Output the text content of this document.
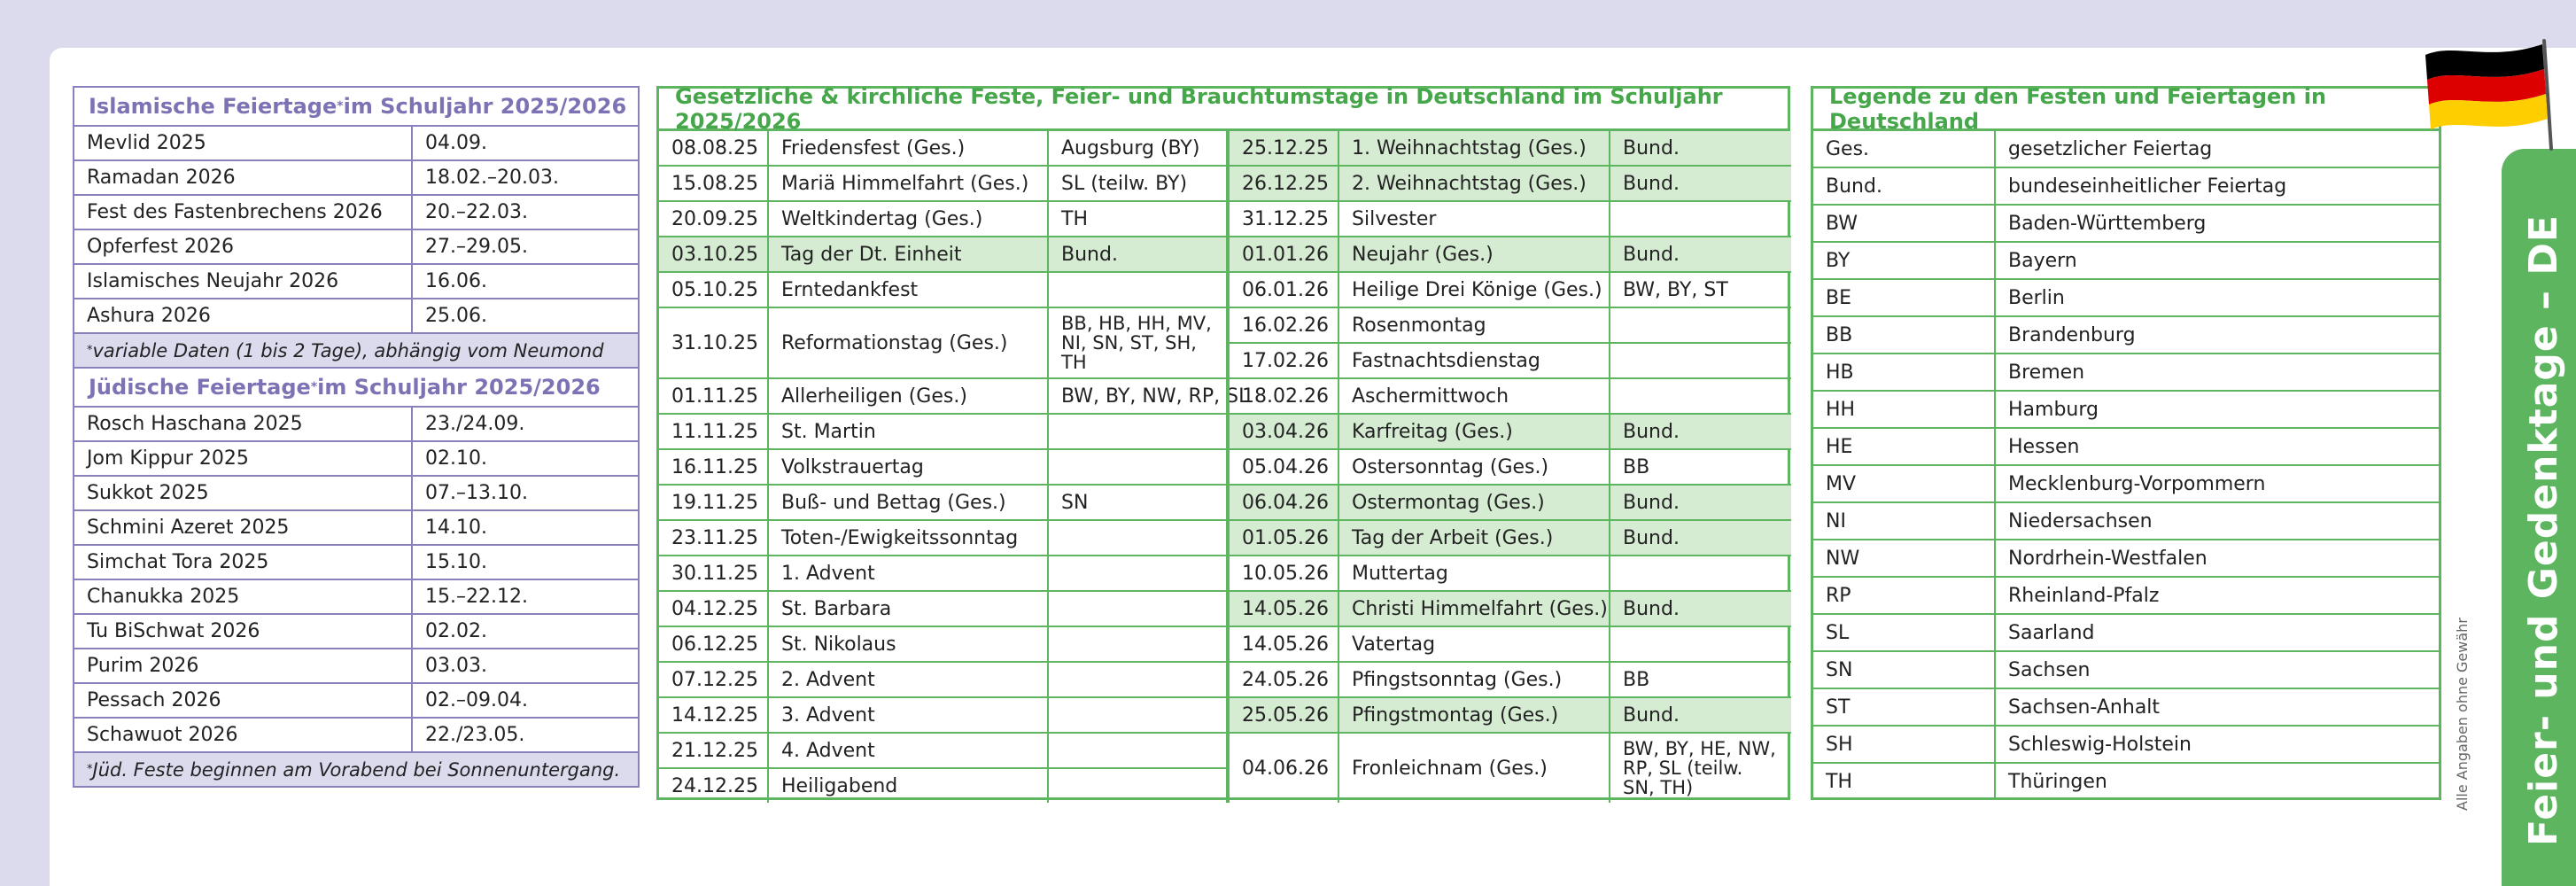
Islamische Feiertage * im Schuljahr 2025/2026
Mevlid 2025	04.09.
Ramadan 2026	18.02.–20.03.
Fest des Fastenbrechens 2026	20.–22.03.
Opferfest 2026	27.–29.05.
Islamisches Neujahr 2026	16.06.
Ashura 2026	25.06.
* variable Daten (1 bis 2 Tage), abhängig vom Neumond
Jüdische Feiertage * im Schuljahr 2025/2026
Rosch Haschana 2025	23./24.09.
Jom Kippur 2025	02.10.
Sukkot 2025	07.–13.10.
Schmini Azeret 2025	14.10.
Simchat Tora 2025	15.10.
Chanukka 2025	15.–22.12.
Tu BiSchwat 2026	02.02.
Purim 2026	03.03.
Pessach 2026	02.–09.04.
Schawuot 2026	22./23.05.
* Jüd. Feste beginnen am Vorabend bei Sonnenuntergang.
Gesetzliche & kirchliche Feste, Feier- und Brauchtumstage in Deutschland im Schuljahr 2025/2026
08.08.25	Friedensfest (Ges.)	Augsburg (BY)
15.08.25	Mariä Himmelfahrt (Ges.)	SL (teilw. BY)
20.09.25	Weltkindertag (Ges.)	TH
03.10.25	Tag der Dt. Einheit	Bund.
05.10.25	Erntedankfest	
31.10.25	Reformationstag (Ges.)	BB, HB, HH, MV, NI, SN, ST, SH, TH
01.11.25	Allerheiligen (Ges.)	BW, BY, NW, RP, SL
11.11.25	St. Martin	
16.11.25	Volkstrauertag	
19.11.25	Buß- und Bettag (Ges.)	SN
23.11.25	Toten-/Ewigkeitssonntag	
30.11.25	1. Advent	
04.12.25	St. Barbara	
06.12.25	St. Nikolaus	
07.12.25	2. Advent	
14.12.25	3. Advent	
21.12.25	4. Advent	
24.12.25	Heiligabend	
25.12.25	1. Weihnachtstag (Ges.)	Bund.
26.12.25	2. Weihnachtstag (Ges.)	Bund.
31.12.25	Silvester	
01.01.26	Neujahr (Ges.)	Bund.
06.01.26	Heilige Drei Könige (Ges.)	BW, BY, ST
16.02.26	Rosenmontag	
17.02.26	Fastnachtsdienstag	
18.02.26	Aschermittwoch	
03.04.26	Karfreitag (Ges.)	Bund.
05.04.26	Ostersonntag (Ges.)	BB
06.04.26	Ostermontag (Ges.)	Bund.
01.05.26	Tag der Arbeit (Ges.)	Bund.
10.05.26	Muttertag	
14.05.26	Christi Himmelfahrt (Ges.)	Bund.
14.05.26	Vatertag	
24.05.26	Pfingstsonntag (Ges.)	BB
25.05.26	Pfingstmontag (Ges.)	Bund.
04.06.26	Fronleichnam (Ges.)	BW, BY, HE, NW, RP, SL (teilw. SN, TH)
Legende zu den Festen und Feiertagen in Deutschland
Ges.	gesetzlicher Feiertag
Bund.	bundeseinheitlicher Feiertag
BW	Baden-Württemberg
BY	Bayern
BE	Berlin
BB	Brandenburg
HB	Bremen
HH	Hamburg
HE	Hessen
MV	Mecklenburg-Vorpommern
NI	Niedersachsen
NW	Nordrhein-Westfalen
RP	Rheinland-Pfalz
SL	Saarland
SN	Sachsen
ST	Sachsen-Anhalt
SH	Schleswig-Holstein
TH	Thüringen	Alle Angaben ohne Gewähr Feier- und Gedenktage – DE
